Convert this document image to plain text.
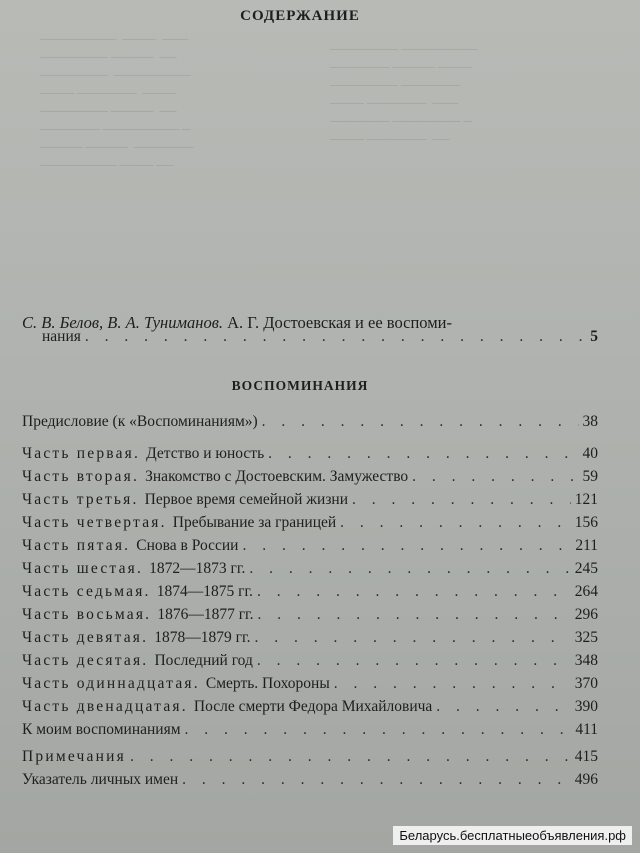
─────────  ────  ───
──────── ─────  ──
────────  ─────────
──── ───────  ────
──────── ─────  ──
─────── ───────── ─
───── ─────  ───────
───────── ──── ──
──────── ─────────
─────── ───── ────
──────── ───────
──── ───────  ───
─────── ──────── ─
──── ───────  ──
СОДЕРЖАНИЕ
С. В. Белов, В. А. Туниманов. А. Г. Достоевская и ее воспоми-
нания . . .	5
ВОСПОМИНАНИЯ
Предисловие (к «Воспоминаниям») . . .	38
Часть первая. Детство и юность . . .	40
Часть вторая. Знакомство с Достоевским. Замужество . . .	59
Часть третья. Первое время семейной жизни . . .	121
Часть четвертая. Пребывание за границей . . .	156
Часть пятая. Снова в России . . .	211
Часть шестая. 1872—1873 гг. . . .	245
Часть седьмая. 1874—1875 гг. . . .	264
Часть восьмая. 1876—1877 гг. . . .	296
Часть девятая. 1878—1879 гг. . . .	325
Часть десятая. Последний год . . .	348
Часть одиннадцатая. Смерть. Похороны . . .	370
Часть двенадцатая. После смерти Федора Михайловича . . .	390
К моим воспоминаниям . . .	411
Примечания . . .	415
Указатель личных имен . . .	496
Беларусь.бесплатныеобъявления.рф
